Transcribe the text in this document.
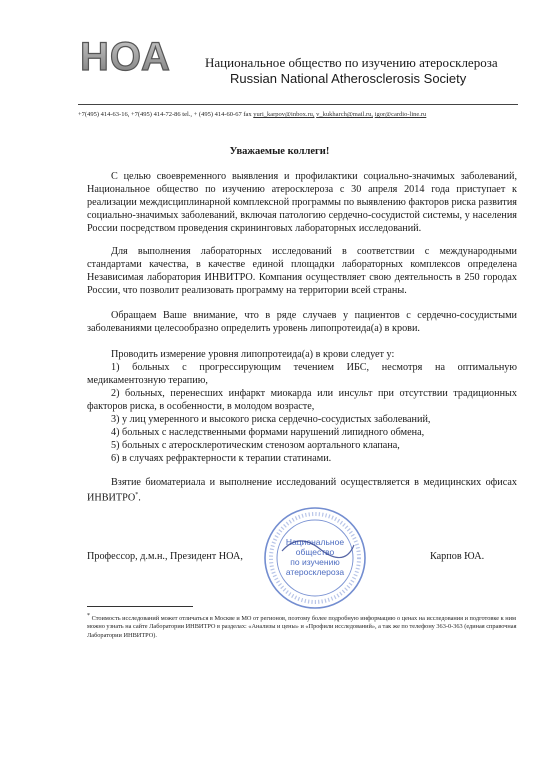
НОА	Национальное общество по изучению атеросклероза
Russian National Atherosclerosis Society
+7(495) 414-63-16, +7(495) 414-72-86 tel., + (495) 414-60-67 fax yuri_karpov@inbox.ru, v_kukharch@mail.ru, igor@cardio-line.ru
Уважаемые коллеги!

С целью своевременного выявления и профилактики социально-значимых заболеваний, Национальное общество по изучению атеросклероза с 30 апреля 2014 года приступает к реализации междисциплинарной комплексной программы по выявлению факторов риска развития социально-значимых заболеваний, включая патологию сердечно-сосудистой системы, у населения России посредством проведения скрининговых лабораторных исследований.

Для выполнения лабораторных исследований в соответствии с международными стандартами качества, в качестве единой площадки лабораторных комплексов определена Независимая лаборатория ИНВИТРО. Компания осуществляет свою деятельность в 250 городах России, что позволит реализовать программу на территории всей страны.

Обращаем Ваше внимание, что в ряде случаев у пациентов с сердечно-сосудистыми заболеваниями целесообразно определить уровень липопротеида(а) в крови.

Проводить измерение уровня липопротеида(а) в крови следует у:
1) больных с прогрессирующим течением ИБС, несмотря на оптимальную медикаментозную терапию,
2) больных, перенесших инфаркт миокарда или инсульт при отсутствии традиционных факторов риска, в особенности, в молодом возрасте,
3) у лиц умеренного и высокого риска сердечно-сосудистых заболеваний,
4) больных с наследственными формами нарушений липидного обмена,
5) больных с атеросклеротическим стенозом аортального клапана,
6) в случаях рефрактерности к терапии статинами.

Взятие биоматериала и выполнение исследований осуществляется в медицинских офисах ИНВИТРО*.

Национальное
общество
по изучению
атеросклероза
Профессор, д.м.н., Президент НОА,	Карпов ЮА.
* Стоимость исследований может отличаться в Москве и МО от регионов, поэтому более подробную информацию о ценах на исследования и подготовке к ним можно узнать на сайте Лаборатории ИНВИТРО в разделах: «Анализы и цены» и «Профили исследований», а так же по телефону 363-0-363 (единая справочная Лаборатории ИНВИТРО).
